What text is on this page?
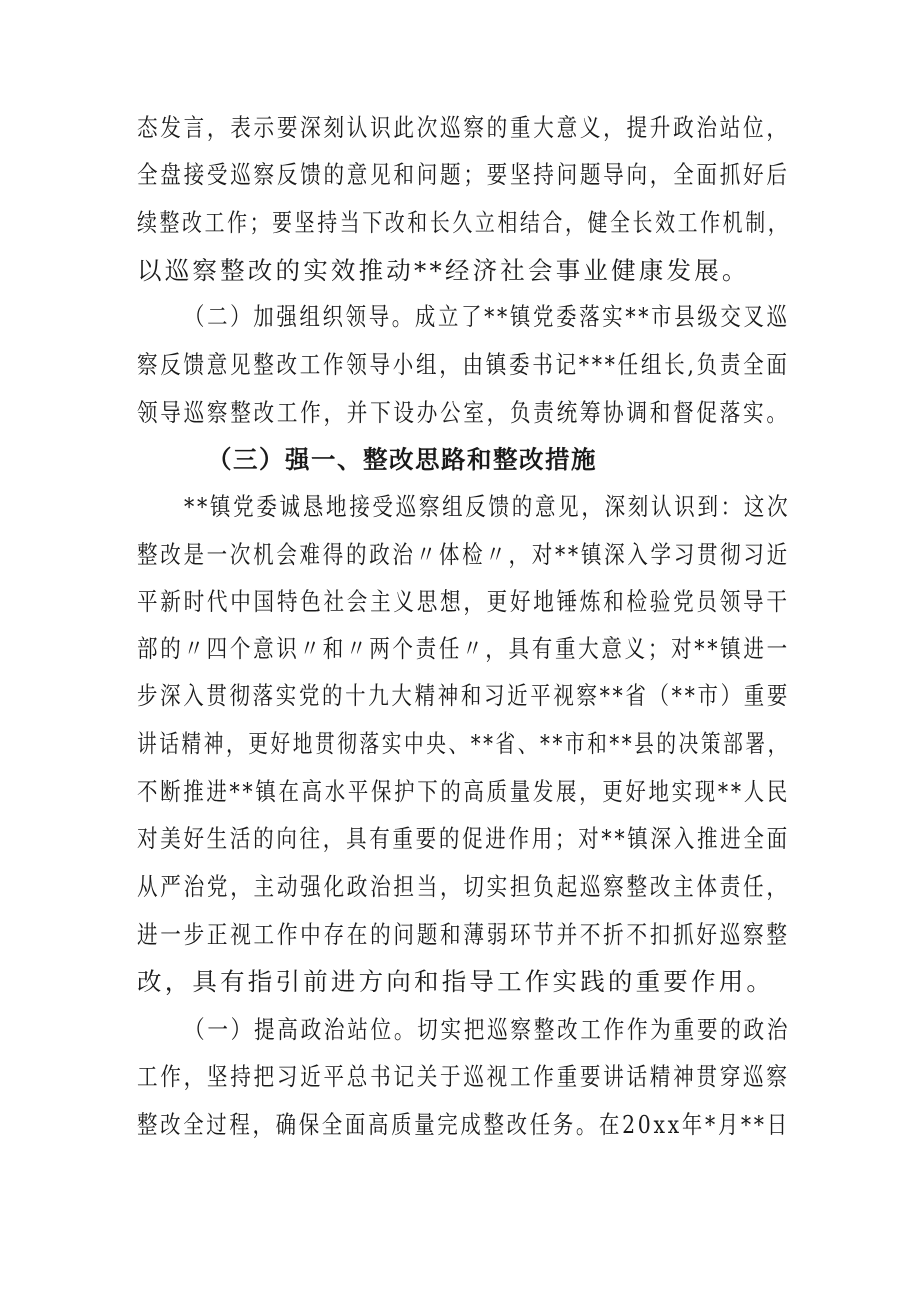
态发言，表示要深刻认识此次巡察的重大意义，提升政治站位，
全盘接受巡察反馈的意见和问题；要坚持问题导向，全面抓好后
续整改工作；要坚持当下改和长久立相结合，健全长效工作机制，
以巡察整改的实效推动**经济社会事业健康发展。
（二）加强组织领导。成立了**镇党委落实**市县级交叉巡
察反馈意见整改工作领导小组，由镇委书记***任组长,负责全面
领导巡察整改工作，并下设办公室，负责统筹协调和督促落实。
（三）强一、整改思路和整改措施
**镇党委诚恳地接受巡察组反馈的意见，深刻认识到：这次
整改是一次机会难得的政治〃体检〃，对**镇深入学习贯彻习近
平新时代中国特色社会主义思想，更好地锤炼和检验党员领导干
部的〃四个意识〃和〃两个责任〃，具有重大意义；对**镇进一
步深入贯彻落实党的十九大精神和习近平视察**省（**市）重要
讲话精神，更好地贯彻落实中央、**省、**市和**县的决策部署，
不断推进**镇在高水平保护下的高质量发展，更好地实现**人民
对美好生活的向往，具有重要的促进作用；对**镇深入推进全面
从严治党，主动强化政治担当，切实担负起巡察整改主体责任，
进一步正视工作中存在的问题和薄弱环节并不折不扣抓好巡察整
改，具有指引前进方向和指导工作实践的重要作用。
（一）提高政治站位。切实把巡察整改工作作为重要的政治
工作，坚持把习近平总书记关于巡视工作重要讲话精神贯穿巡察
整改全过程，确保全面高质量完成整改任务。在20xx年*月**日
